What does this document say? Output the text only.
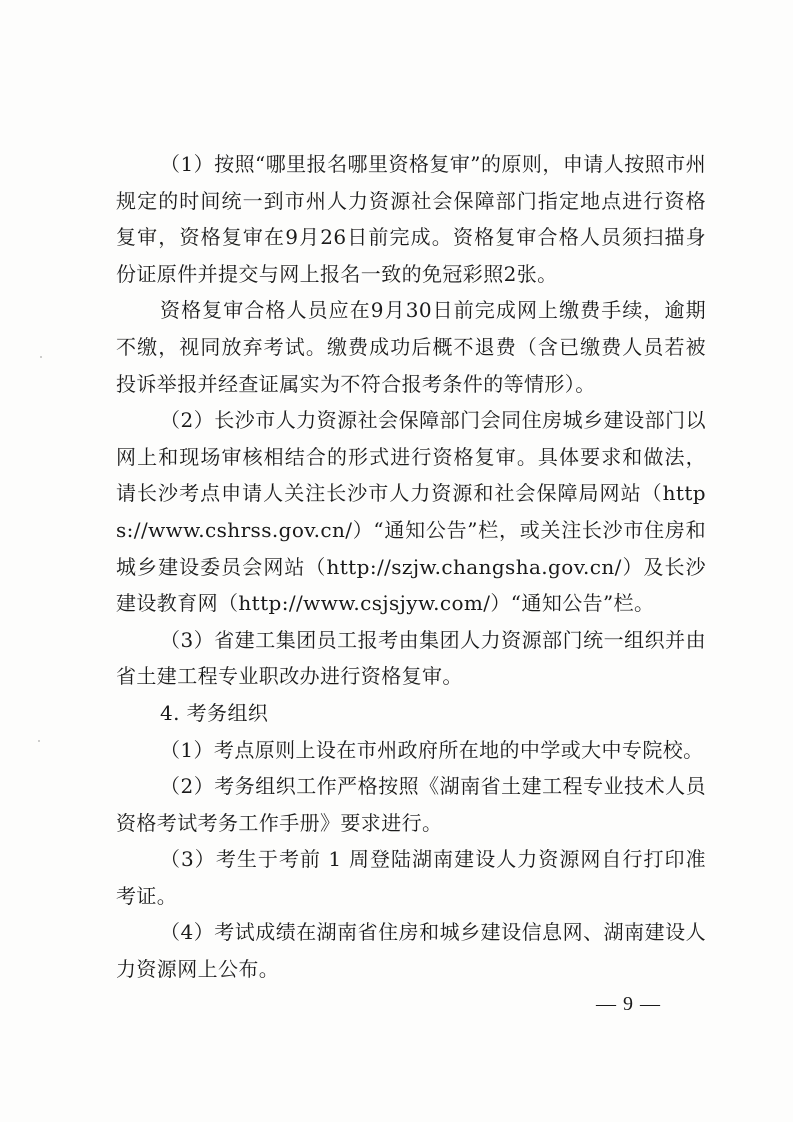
（1）按照“哪里报名哪里资格复审”的原则，申请人按照市州规定的时间统一到市州人力资源社会保障部门指定地点进行资格复审，资格复审在9月26日前完成。资格复审合格人员须扫描身份证原件并提交与网上报名一致的免冠彩照2张。

资格复审合格人员应在9月30日前完成网上缴费手续，逾期不缴，视同放弃考试。缴费成功后概不退费（含已缴费人员若被投诉举报并经查证属实为不符合报考条件的等情形）。

（2）长沙市人力资源社会保障部门会同住房城乡建设部门以网上和现场审核相结合的形式进行资格复审。具体要求和做法，请长沙考点申请人关注长沙市人力资源和社会保障局网站（https://www.cshrss.gov.cn/）“通知公告”栏，或关注长沙市住房和城乡建设委员会网站（http://szjw.changsha.gov.cn/）及长沙建设教育网（http://www.csjsjyw.com/）“通知公告”栏。

（3）省建工集团员工报考由集团人力资源部门统一组织并由省土建工程专业职改办进行资格复审。

4. 考务组织

（1）考点原则上设在市州政府所在地的中学或大中专院校。

（2）考务组织工作严格按照《湖南省土建工程专业技术人员资格考试考务工作手册》要求进行。

（3）考生于考前 1 周登陆湖南建设人力资源网自行打印准考证。

（4）考试成绩在湖南省住房和城乡建设信息网、湖南建设人力资源网上公布。

— 9 —
